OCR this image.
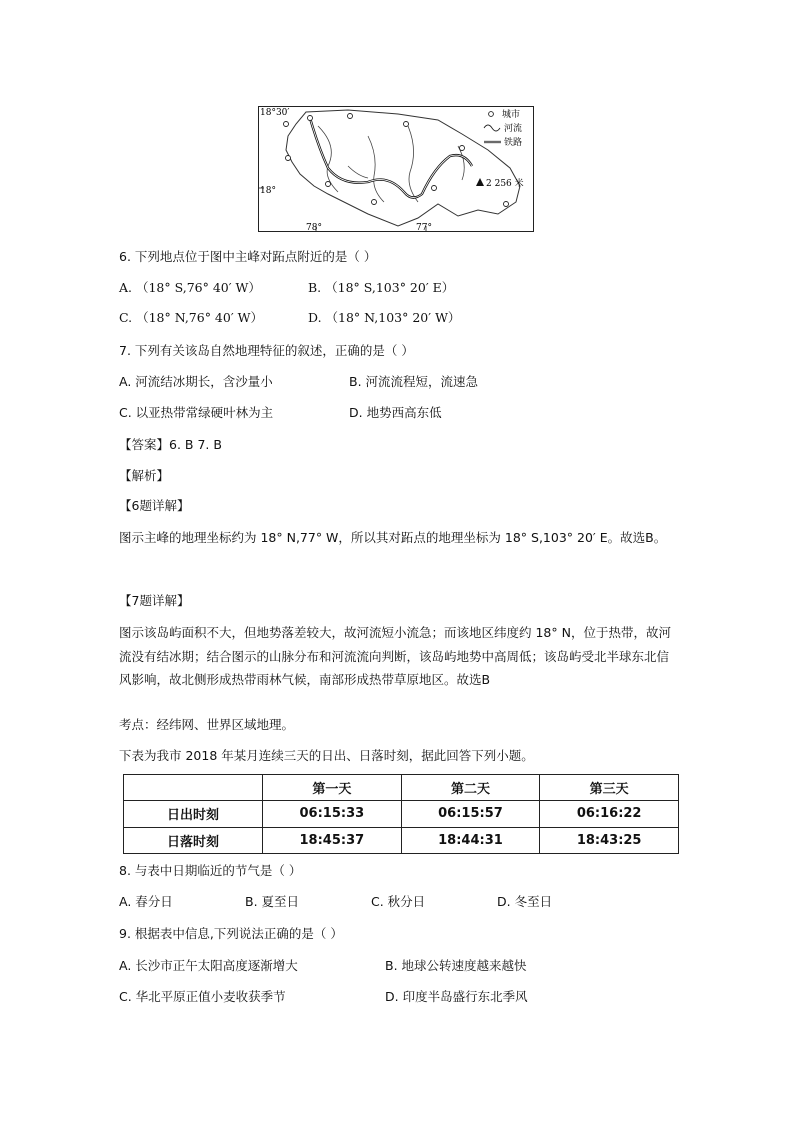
18°30′
18°
78°	77°
2 256 米
城市
河流
铁路
6. 下列地点位于图中主峰对跖点附近的是（ ）
A. （18° S,76° 40′ W）	B. （18° S,103° 20′ E）
C. （18° N,76° 40′ W）	D. （18° N,103° 20′ W）
7. 下列有关该岛自然地理特征的叙述，正确的是（ ）
A. 河流结冰期长，含沙量小	B. 河流流程短，流速急
C. 以亚热带常绿硬叶林为主	D. 地势西高东低
【答案】6. B 7. B
【解析】
【6题详解】

图示主峰的地理坐标约为 18° N,77° W，所以其对跖点的地理坐标为 18° S,103° 20′ E。故选B。

【7题详解】

图示该岛屿面积不大，但地势落差较大，故河流短小流急；而该地区纬度约 18° N，位于热带，故河流没有结冰期；结合图示的山脉分布和河流流向判断，该岛屿地势中高周低；该岛屿受北半球东北信风影响，故北侧形成热带雨林气候，南部形成热带草原地区。故选B

考点：经纬网、世界区域地理。
下表为我市 2018 年某月连续三天的日出、日落时刻，据此回答下列小题。
	第一天	第二天	第三天
日出时刻	06:15:33	06:15:57	06:16:22
日落时刻	18:45:37	18:44:31	18:43:25
8. 与表中日期临近的节气是（ ）
A. 春分日	B. 夏至日	C. 秋分日	D. 冬至日
9. 根据表中信息,下列说法正确的是（ ）
A. 长沙市正午太阳高度逐渐增大	B. 地球公转速度越来越快
C. 华北平原正值小麦收获季节	D. 印度半岛盛行东北季风
